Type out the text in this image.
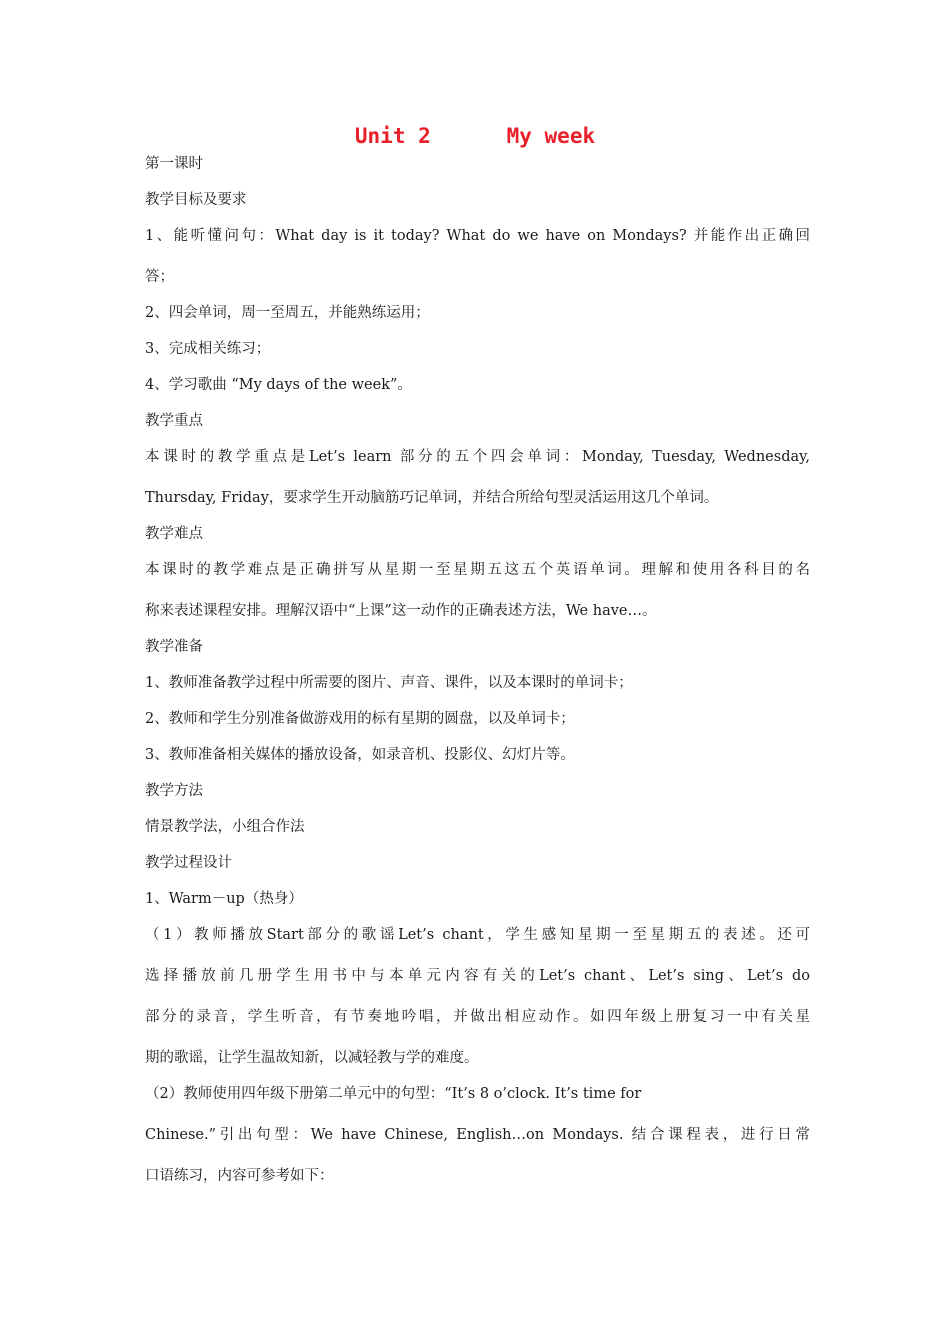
Unit 2      My week
第一课时
教学目标及要求
1、能听懂问句：What day is it today? What do we have on Mondays? 并能作出正确回
答；
2、四会单词，周一至周五，并能熟练运用；
3、完成相关练习；
4、学习歌曲 “My days of the week”。
教学重点
本课时的教学重点是Let’s learn 部分的五个四会单词：Monday, Tuesday, Wednesday,
Thursday, Friday，要求学生开动脑筋巧记单词，并结合所给句型灵活运用这几个单词。
教学难点
本课时的教学难点是正确拼写从星期一至星期五这五个英语单词。理解和使用各科目的名
称来表述课程安排。理解汉语中“上课”这一动作的正确表述方法，We have…。
教学准备
1、教师准备教学过程中所需要的图片、声音、课件，以及本课时的单词卡；
2、教师和学生分别准备做游戏用的标有星期的圆盘，以及单词卡；
3、教师准备相关媒体的播放设备，如录音机、投影仪、幻灯片等。
教学方法
情景教学法，小组合作法
教学过程设计
1、Warm－up（热身）
（1）教师播放Start部分的歌谣Let’s chant，学生感知星期一至星期五的表述。还可
选择播放前几册学生用书中与本单元内容有关的Let’s chant、Let’s sing、Let’s do
部分的录音，学生听音，有节奏地吟唱，并做出相应动作。如四年级上册复习一中有关星
期的歌谣，让学生温故知新，以减轻教与学的难度。
（2）教师使用四年级下册第二单元中的句型：“It’s 8 o’clock. It’s time for
Chinese.”引出句型：We have Chinese, English…on Mondays. 结合课程表，进行日常
口语练习，内容可参考如下：
